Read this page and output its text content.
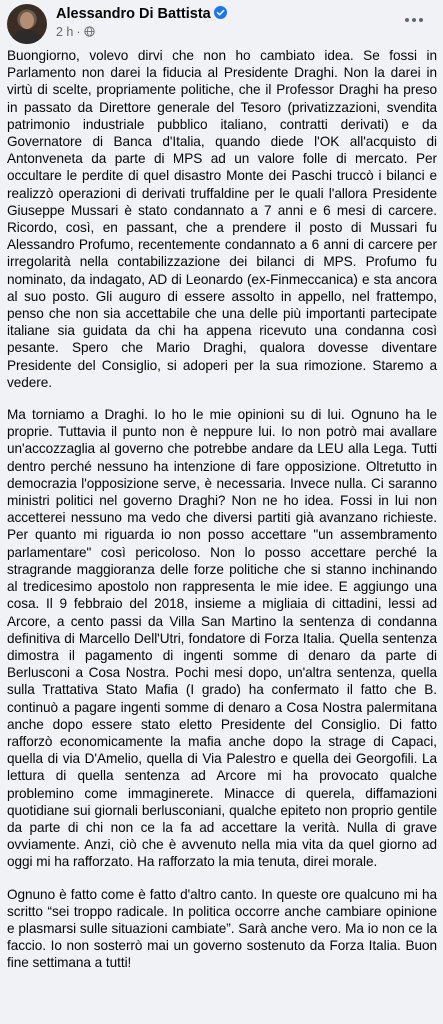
Alessandro Di Battista
2 h ·

Buongiorno, volevo dirvi che non ho cambiato idea. Se fossi in Parlamento non darei la fiducia al Presidente Draghi. Non la darei in virtù di scelte, propriamente politiche, che il Professor Draghi ha preso in passato da Direttore generale del Tesoro (privatizzazioni, svendita patrimonio industriale pubblico italiano, contratti derivati) e da Governatore di Banca d'Italia, quando diede l'OK all'acquisto di Antonveneta da parte di MPS ad un valore folle di mercato. Per occultare le perdite di quel disastro Monte dei Paschi truccò i bilanci e realizzò operazioni di derivati truffaldine per le quali l'allora Presidente Giuseppe Mussari è stato condannato a 7 anni e 6 mesi di carcere. Ricordo, così, en passant, che a prendere il posto di Mussari fu Alessandro Profumo, recentemente condannato a 6 anni di carcere per irregolarità nella contabilizzazione dei bilanci di MPS. Profumo fu nominato, da indagato, AD di Leonardo (ex-Finmeccanica) e sta ancora al suo posto. Gli auguro di essere assolto in appello, nel frattempo, penso che non sia accettabile che una delle più importanti partecipate italiane sia guidata da chi ha appena ricevuto una condanna così pesante. Spero che Mario Draghi, qualora dovesse diventare Presidente del Consiglio, si adoperi per la sua rimozione. Staremo a vedere.

Ma torniamo a Draghi. Io ho le mie opinioni su di lui. Ognuno ha le proprie. Tuttavia il punto non è neppure lui. Io non potrò mai avallare un'accozzaglia al governo che potrebbe andare da LEU alla Lega. Tutti dentro perché nessuno ha intenzione di fare opposizione. Oltretutto in democrazia l'opposizione serve, è necessaria. Invece nulla. Ci saranno ministri politici nel governo Draghi? Non ne ho idea. Fossi in lui non accetterei nessuno ma vedo che diversi partiti già avanzano richieste. Per quanto mi riguarda io non posso accettare "un assembramento parlamentare" così pericoloso. Non lo posso accettare perché la stragrande maggioranza delle forze politiche che si stanno inchinando al tredicesimo apostolo non rappresenta le mie idee. E aggiungo una cosa. Il 9 febbraio del 2018, insieme a migliaia di cittadini, lessi ad Arcore, a cento passi da Villa San Martino la sentenza di condanna definitiva di Marcello Dell'Utri, fondatore di Forza Italia. Quella sentenza dimostra il pagamento di ingenti somme di denaro da parte di Berlusconi a Cosa Nostra. Pochi mesi dopo, un'altra sentenza, quella sulla Trattativa Stato Mafia (I grado) ha confermato il fatto che B. continuò a pagare ingenti somme di denaro a Cosa Nostra palermitana anche dopo essere stato eletto Presidente del Consiglio. Di fatto rafforzò economicamente la mafia anche dopo la strage di Capaci, quella di via D'Amelio, quella di Via Palestro e quella dei Georgofili. La lettura di quella sentenza ad Arcore mi ha provocato qualche problemino come immaginerete. Minacce di querela, diffamazioni quotidiane sui giornali berlusconiani, qualche epiteto non proprio gentile da parte di chi non ce la fa ad accettare la verità. Nulla di grave ovviamente. Anzi, ciò che è avvenuto nella mia vita da quel giorno ad oggi mi ha rafforzato. Ha rafforzato la mia tenuta, direi morale.

Ognuno è fatto come è fatto d'altro canto. In queste ore qualcuno mi ha scritto “sei troppo radicale. In politica occorre anche cambiare opinione e plasmarsi sulle situazioni cambiate”. Sarà anche vero. Ma io non ce la faccio. Io non sosterrò mai un governo sostenuto da Forza Italia. Buon fine settimana a tutti!
